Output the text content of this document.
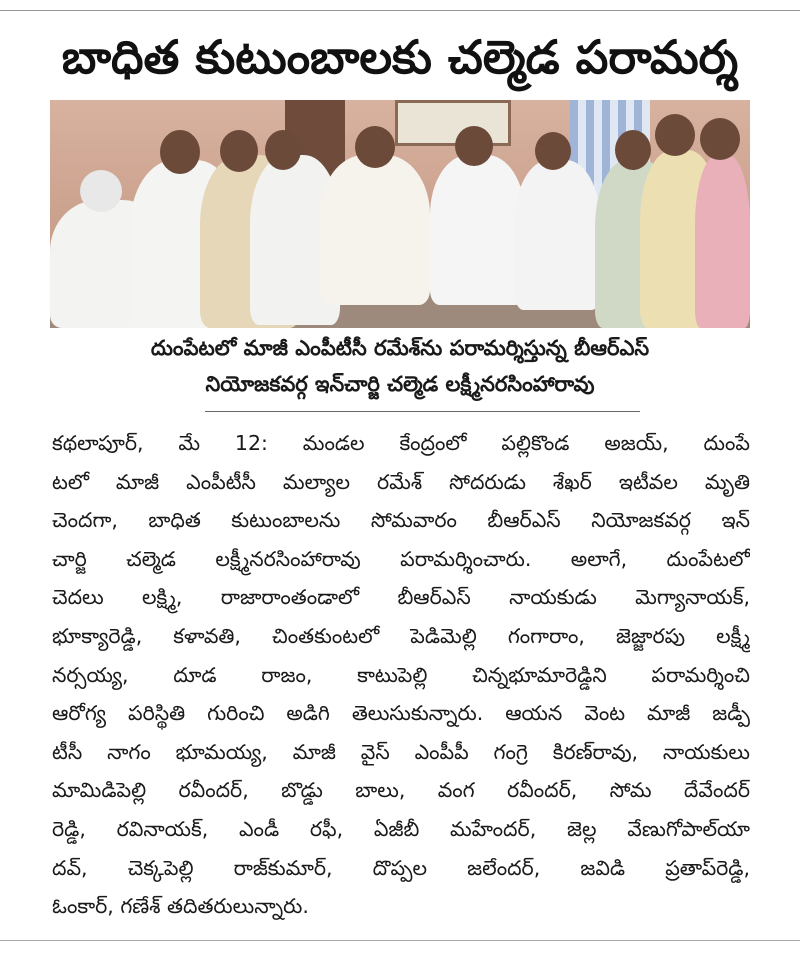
బాధిత కుటుంబాలకు చల్మెడ పరామర్శ
దుంపేటలో మాజీ ఎంపీటీసీ రమేశ్‌ను పరామర్శిస్తున్న బీఆర్ఎస్
నియోజకవర్గ ఇన్‌చార్జి చల్మెడ లక్ష్మీనరసింహారావు
కథలాపూర్, మే 12: మండల కేంద్రంలో పల్లికొండ అజయ్, దుంపే
టలో మాజీ ఎంపీటీసీ మల్యాల రమేశ్ సోదరుడు శేఖర్ ఇటీవల మృతి
చెందగా, బాధిత కుటుంబాలను సోమవారం బీఆర్ఎస్ నియోజకవర్గ ఇన్
చార్జి చల్మెడ లక్ష్మీనరసింహారావు పరామర్శించారు. అలాగే, దుంపేటలో
చెదలు లక్ష్మి, రాజారాంతండాలో బీఆర్ఎస్ నాయకుడు మెగ్యానాయక్,
భూక్యారెడ్డి, కళావతి, చింతకుంటలో పెడిమెల్లి గంగారాం, జెజ్జారపు లక్ష్మీ
నర్సయ్య, దూడ రాజం, కాటుపెల్లి చిన్నభూమారెడ్డిని పరామర్శించి
ఆరోగ్య పరిస్థితి గురించి అడిగి తెలుసుకున్నారు. ఆయన వెంట మాజీ జడ్పీ
టీసీ నాగం భూమయ్య, మాజీ వైస్ ఎంపీపీ గంగ్రె కిరణ్‌రావు, నాయకులు
మామిడిపెల్లి రవీందర్, బొడ్డు బాలు, వంగ రవీందర్, సోమ దేవేందర్
రెడ్డి, రవినాయక్, ఎండీ రఫీ, ఏజీబీ మహేందర్, జెల్ల వేణుగోపాల్‌యా
దవ్, చెక్కపెల్లి రాజ్‌కుమార్, దొప్పల జలేందర్, జవిడి ప్రతాప్‌రెడ్డి,
ఓంకార్, గణేశ్ తదితరులున్నారు.
